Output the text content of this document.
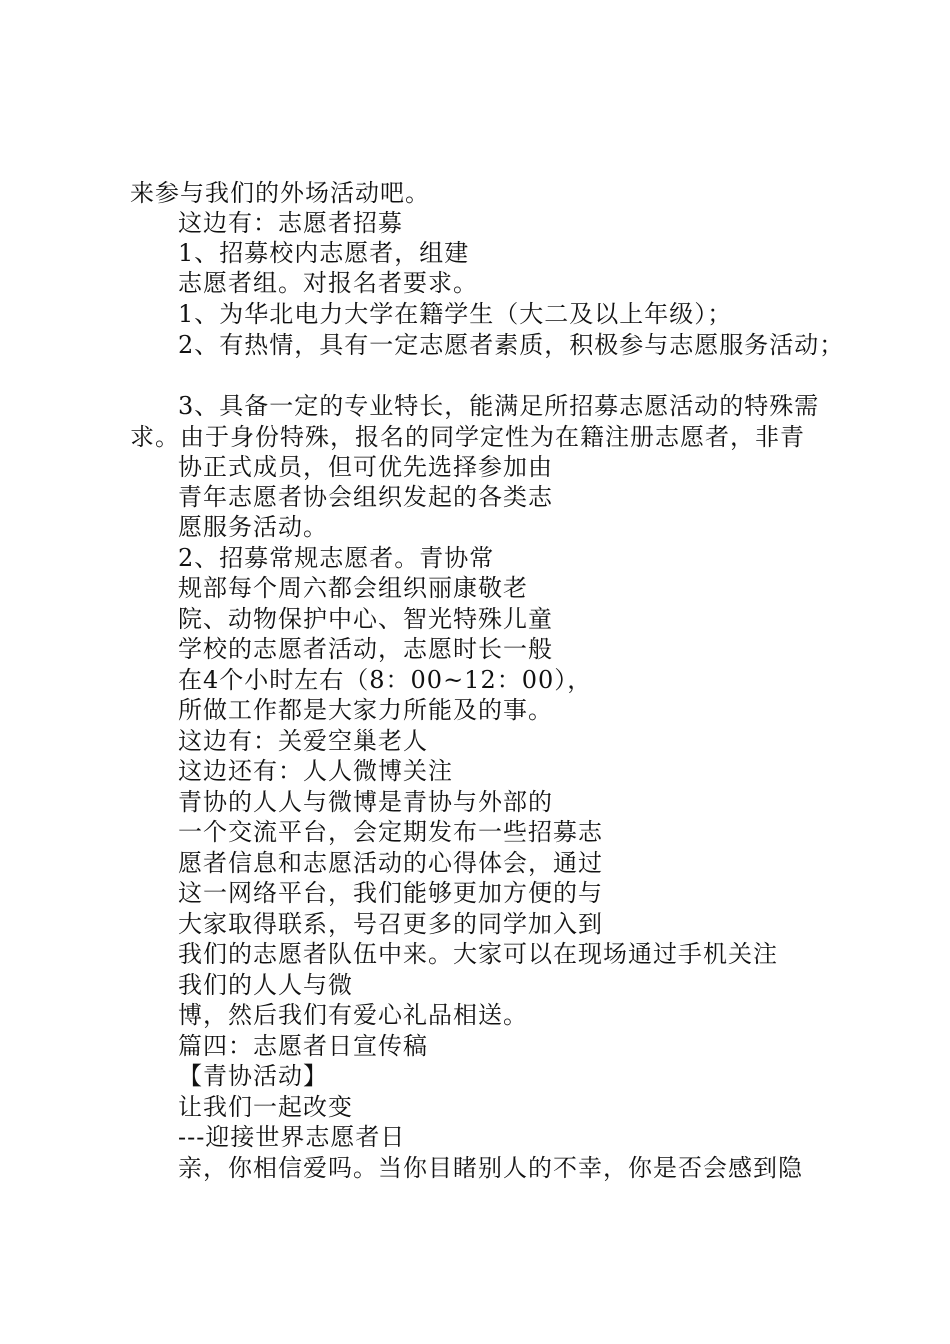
来参与我们的外场活动吧。
这边有：志愿者招募
1、招募校内志愿者，组建
志愿者组。对报名者要求。
1、为华北电力大学在籍学生（大二及以上年级）；
2、有热情，具有一定志愿者素质，积极参与志愿服务活动；
3、具备一定的专业特长，能满足所招募志愿活动的特殊需
求。由于身份特殊，报名的同学定性为在籍注册志愿者，非青
协正式成员，但可优先选择参加由
青年志愿者协会组织发起的各类志
愿服务活动。
2、招募常规志愿者。青协常
规部每个周六都会组织丽康敬老
院、动物保护中心、智光特殊儿童
学校的志愿者活动，志愿时长一般
在4个小时左右（8：00~12：00），
所做工作都是大家力所能及的事。
这边有：关爱空巢老人
这边还有：人人微博关注
青协的人人与微博是青协与外部的
一个交流平台，会定期发布一些招募志
愿者信息和志愿活动的心得体会，通过
这一网络平台，我们能够更加方便的与
大家取得联系，号召更多的同学加入到
我们的志愿者队伍中来。大家可以在现场通过手机关注
我们的人人与微
博，然后我们有爱心礼品相送。
篇四：志愿者日宣传稿
【青协活动】
让我们一起改变
---迎接世界志愿者日
亲，你相信爱吗。当你目睹别人的不幸，你是否会感到隐
